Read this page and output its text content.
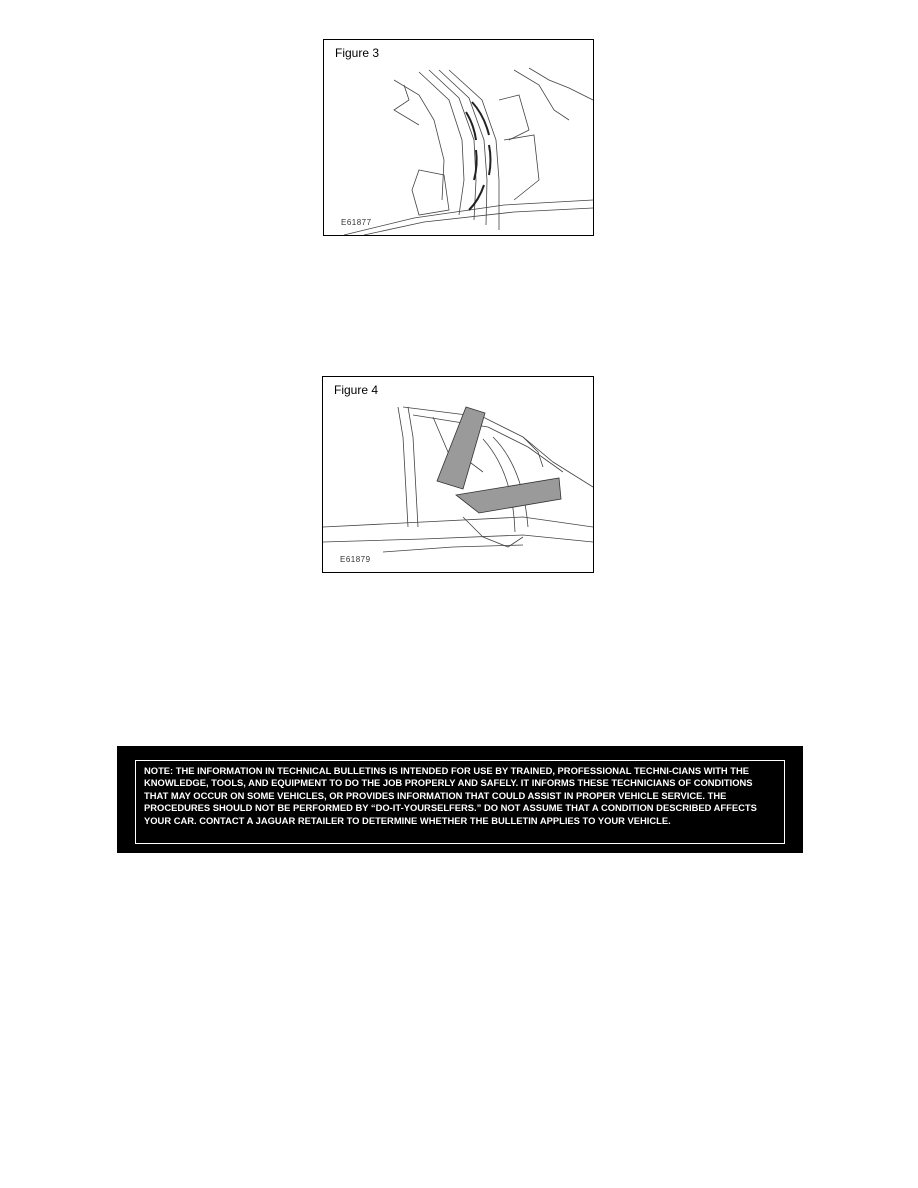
Figure 3
E61877
Figure 4
E61879

NOTE: THE INFORMATION IN TECHNICAL BULLETINS IS INTENDED FOR USE BY TRAINED, PROFESSIONAL TECHNI-CIANS WITH THE KNOWLEDGE, TOOLS, AND EQUIPMENT TO DO THE JOB PROPERLY AND SAFELY. IT INFORMS THESE TECHNICIANS OF CONDITIONS THAT MAY OCCUR ON SOME VEHICLES, OR PROVIDES INFORMATION THAT COULD ASSIST IN PROPER VEHICLE SERVICE. THE PROCEDURES SHOULD NOT BE PERFORMED BY “DO-IT-YOURSELFERS.” DO NOT ASSUME THAT A CONDITION DESCRIBED AFFECTS YOUR CAR. CONTACT A JAGUAR RETAILER TO DETERMINE WHETHER THE BULLETIN APPLIES TO YOUR VEHICLE.
